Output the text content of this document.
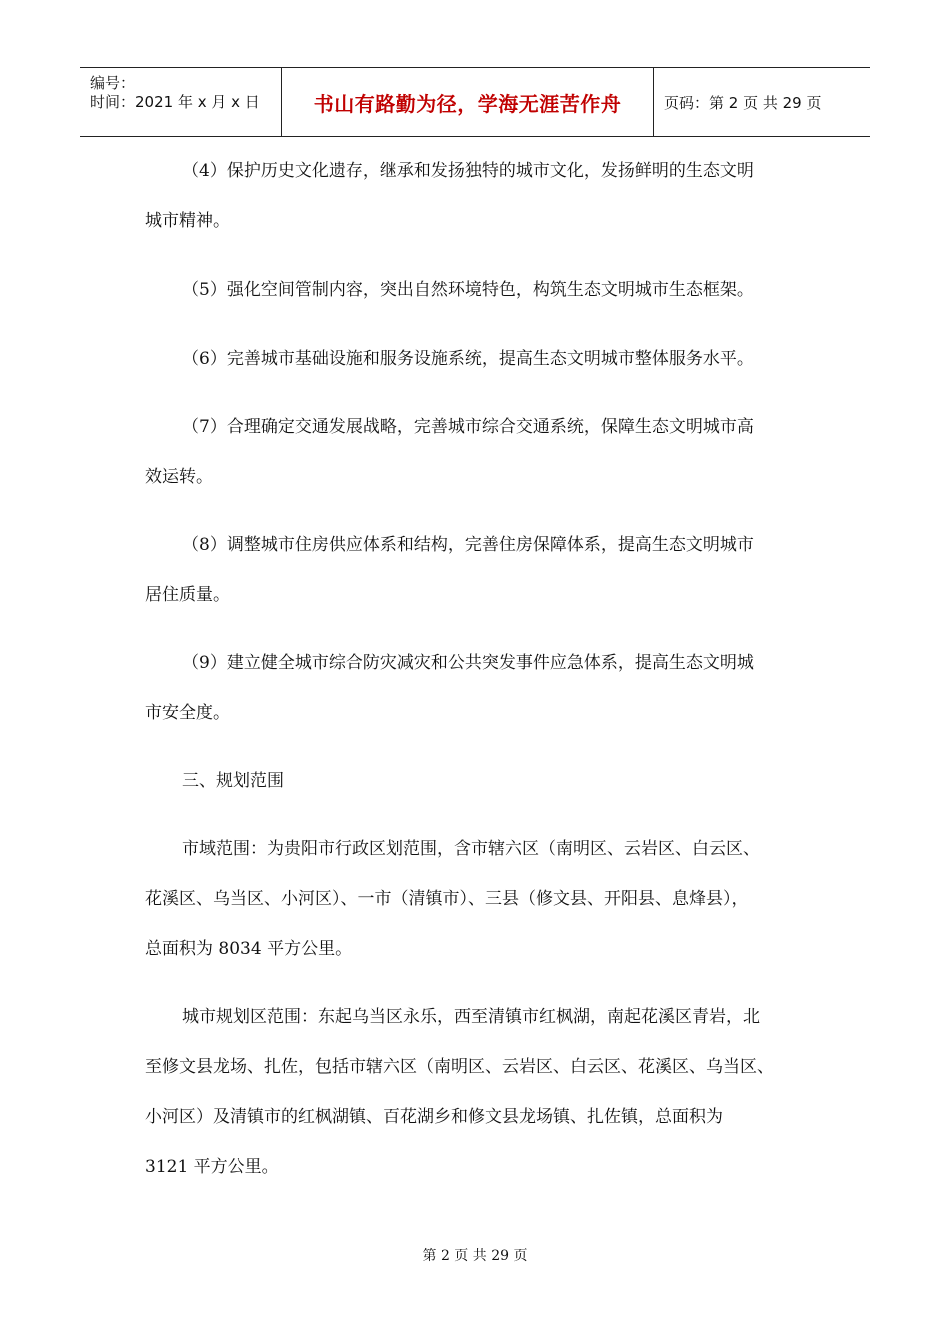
编号：
时间：2021 年 x 月 x 日	书山有路勤为径，学海无涯苦作舟	页码：第 2 页 共 29 页
（4）保护历史文化遗存，继承和发扬独特的城市文化，发扬鲜明的生态文明
城市精神。
（5）强化空间管制内容，突出自然环境特色，构筑生态文明城市生态框架。
（6）完善城市基础设施和服务设施系统，提高生态文明城市整体服务水平。
（7）合理确定交通发展战略，完善城市综合交通系统，保障生态文明城市高
效运转。
（8）调整城市住房供应体系和结构，完善住房保障体系，提高生态文明城市
居住质量。
（9）建立健全城市综合防灾减灾和公共突发事件应急体系，提高生态文明城
市安全度。
三、规划范围
市域范围：为贵阳市行政区划范围，含市辖六区（南明区、云岩区、白云区、
花溪区、乌当区、小河区）、一市（清镇市）、三县（修文县、开阳县、息烽县），
总面积为 8034 平方公里。
城市规划区范围：东起乌当区永乐，西至清镇市红枫湖，南起花溪区青岩，北
至修文县龙场、扎佐，包括市辖六区（南明区、云岩区、白云区、花溪区、乌当区、
小河区）及清镇市的红枫湖镇、百花湖乡和修文县龙场镇、扎佐镇，总面积为
3121 平方公里。
第 2 页 共 29 页
